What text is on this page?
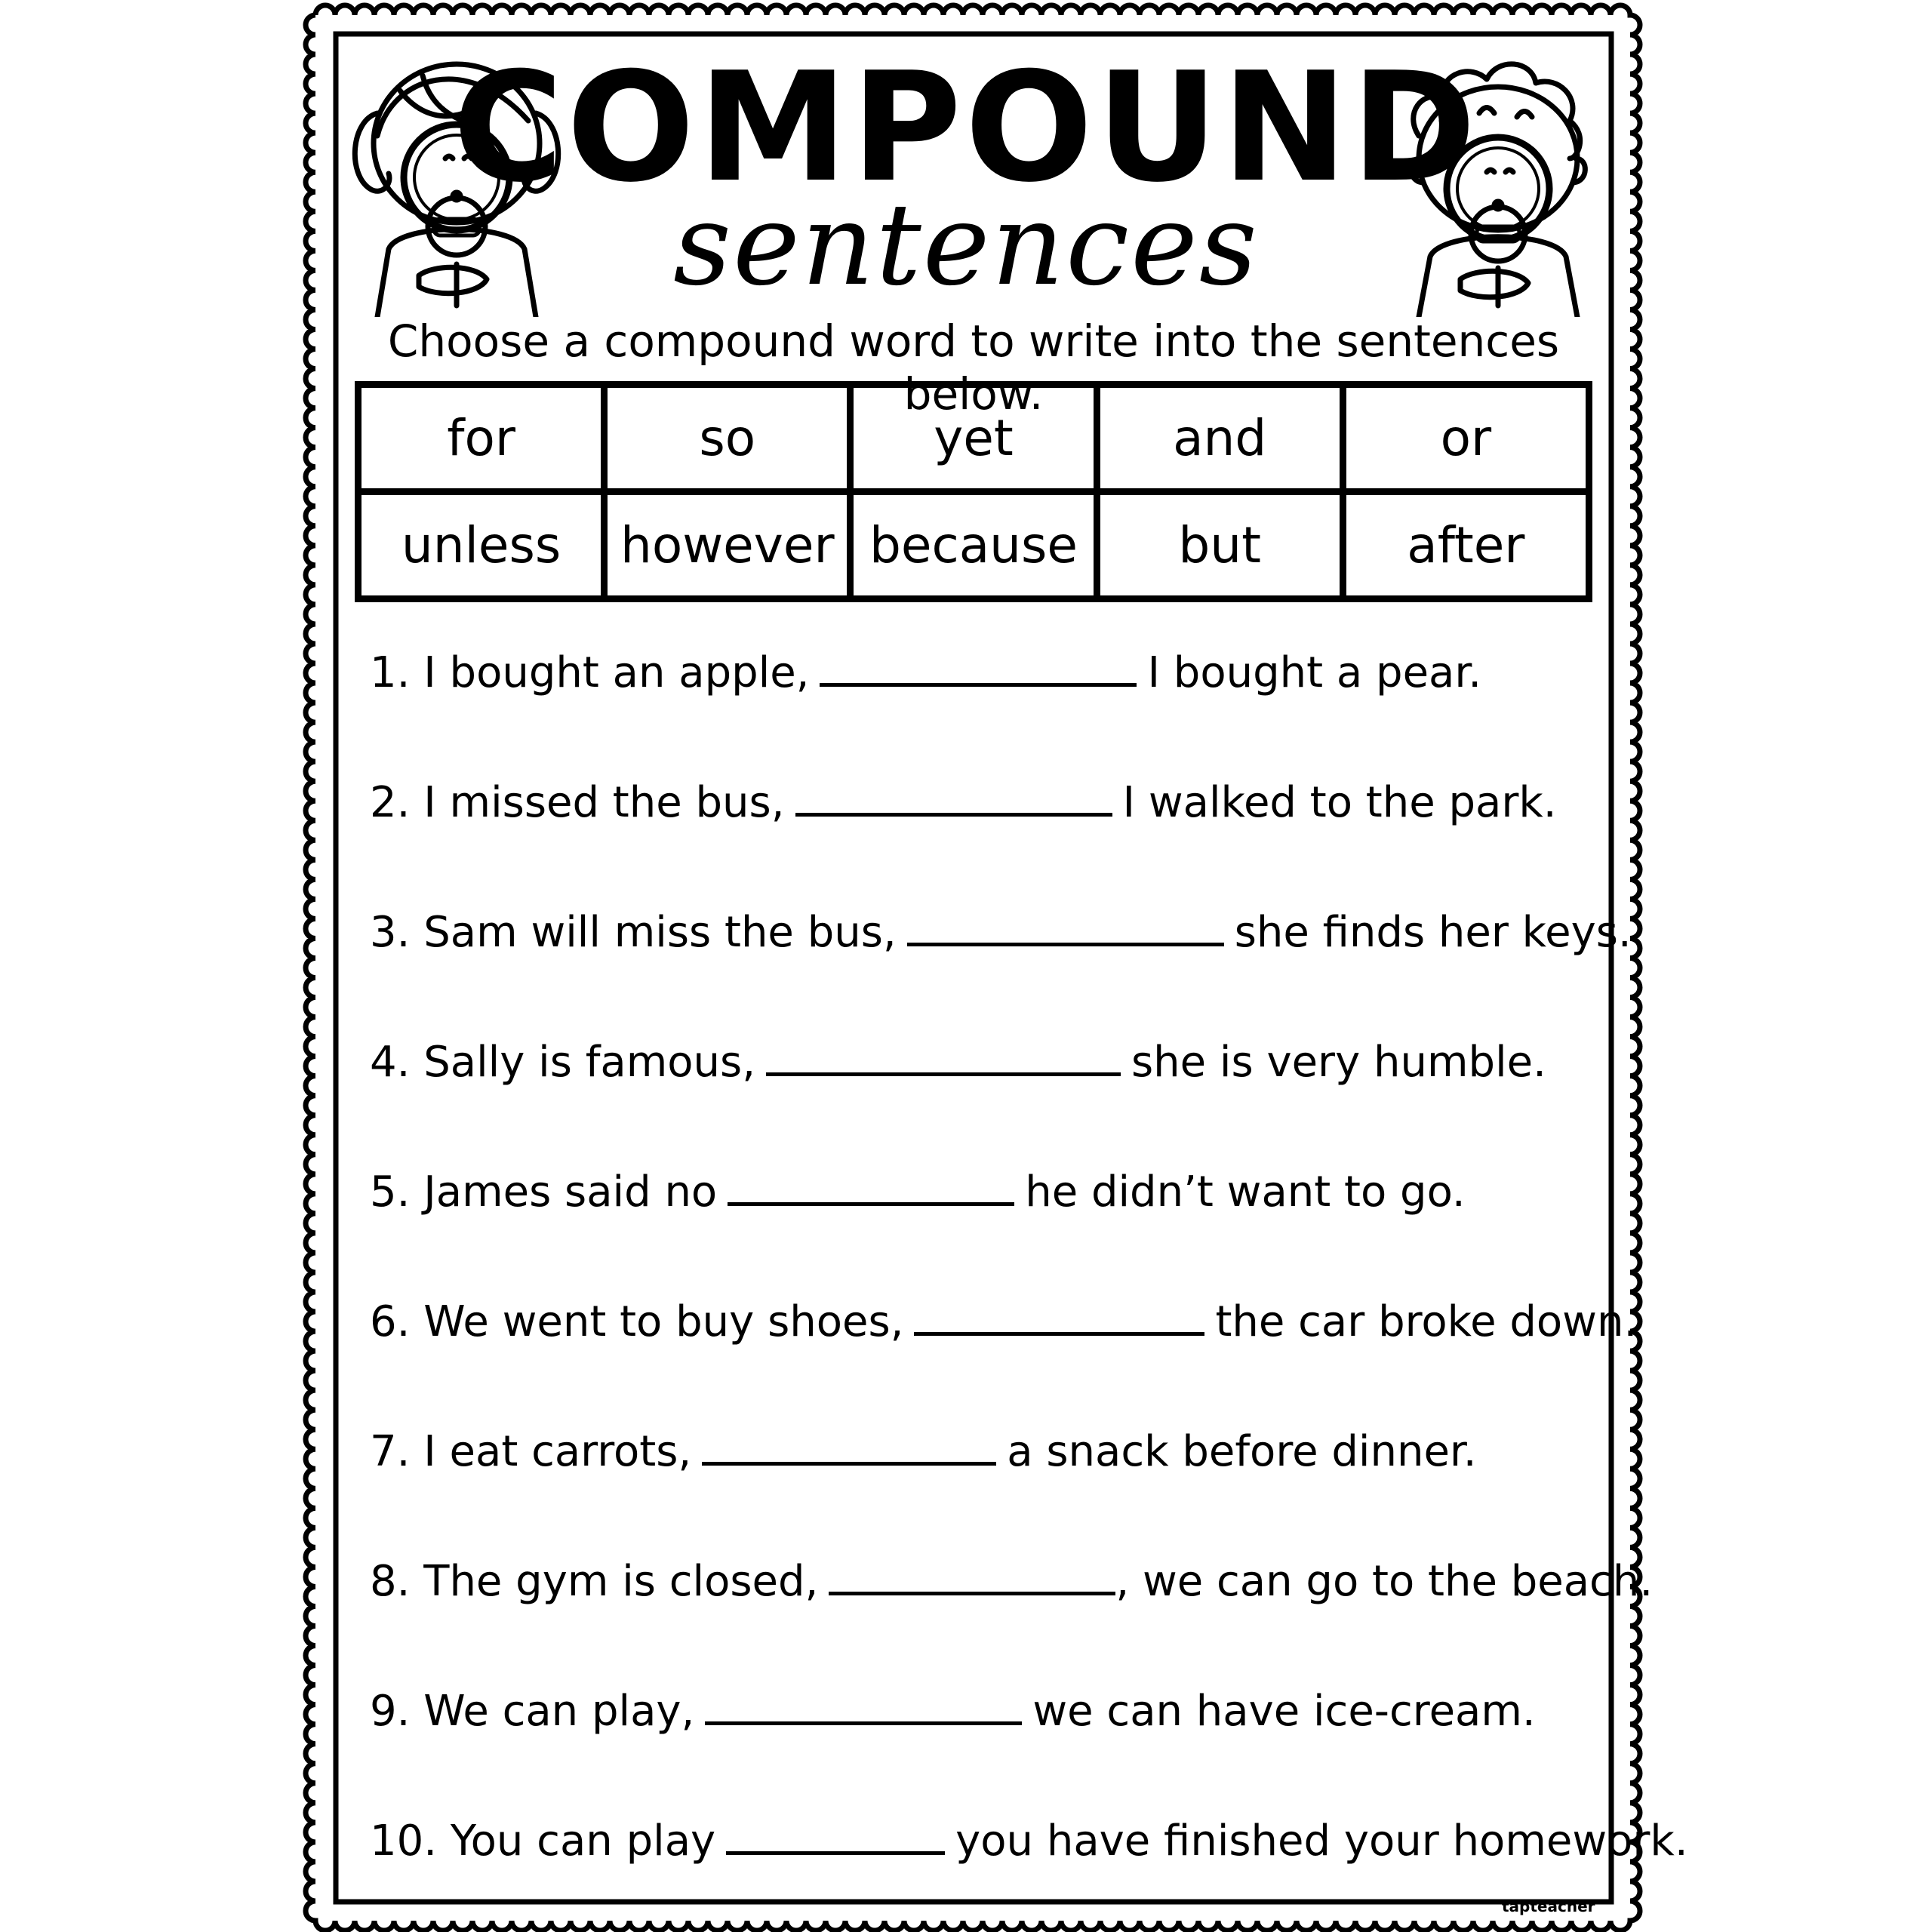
COMPOUND
sentences
Choose a compound word to write into the sentences below.
for	so	yet	and	or
unless	however	because	but	after
1. I bought an apple,	I bought a pear.
2. I missed the bus,	I walked to the park.
3. Sam will miss the bus,	she finds her keys.
4. Sally is famous,	she is very humble.
5. James said no	he didn’t want to go.
6. We went to buy shoes,	the car broke down.
7. I eat carrots,	a snack before dinner.
8. The gym is closed,	, we can go to the beach.
9. We can play,	we can have ice-cream.
10. You can play	you have finished your homework.
tapteacher
